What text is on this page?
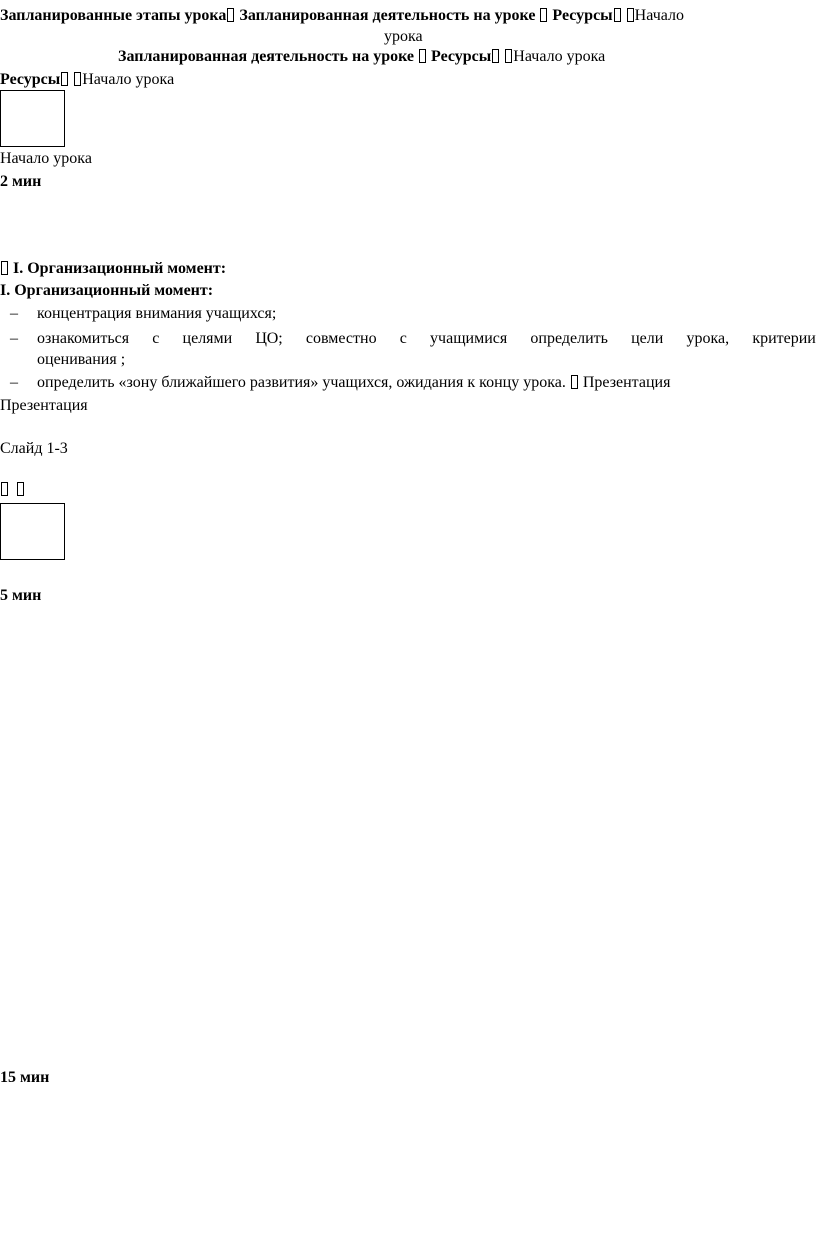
Запланированные этапы урока Запланированная деятельность на уроке Ресурсы Начало
урока
Запланированная деятельность на уроке Ресурсы Начало урока
Ресурсы Начало урока
Начало урока
2 мин
I. Организационный момент:
I. Организационный момент:
– концентрация внимания учащихся;
– ознакомиться с целями ЦО; совместно с учащимися определить цели урока, критерии
оценивания ;
– определить «зону ближайшего развития» учащихся, ожидания к концу урока. Презентация
Презентация
Слайд 1-3

5 мин
15 мин
